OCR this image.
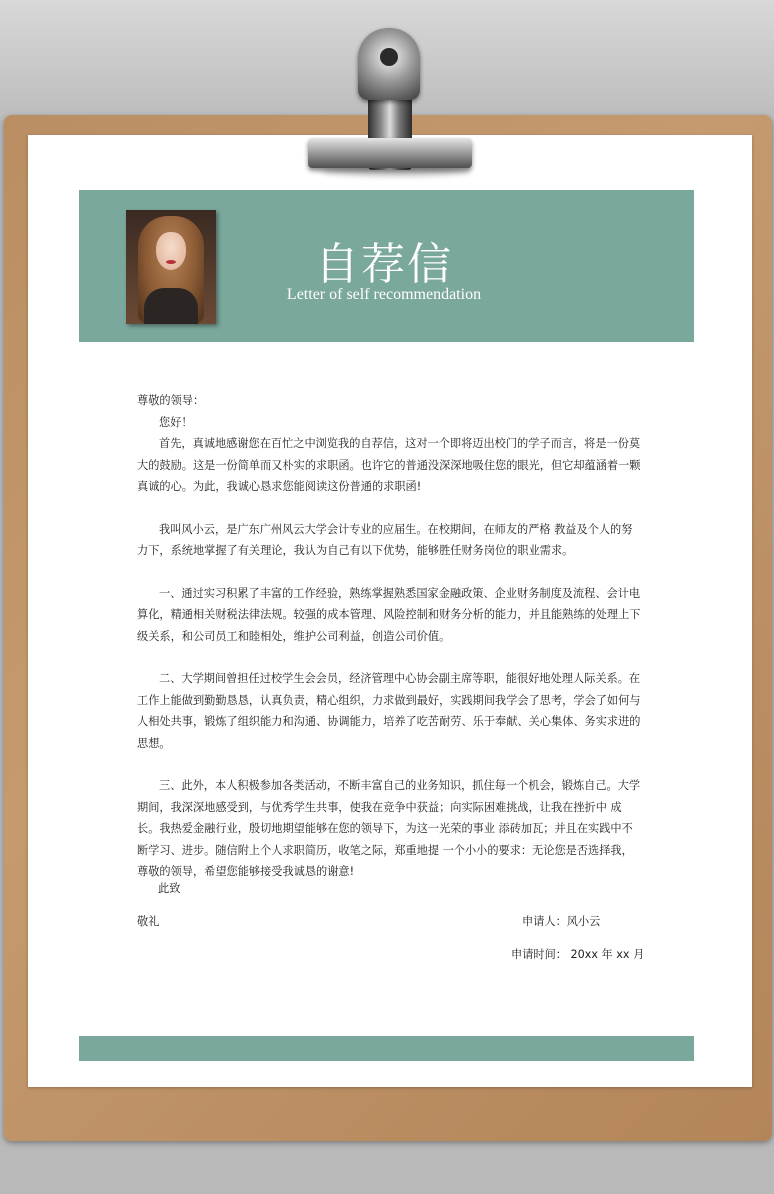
自荐信
Letter of self recommendation

尊敬的领导：

您好！

首先，真诚地感谢您在百忙之中浏览我的自荐信，这对一个即将迈出校门的学子而言，将是一份莫大的鼓励。这是一份简单而又朴实的求职函。也许它的普通没深深地吸住您的眼光，但它却蕴涵着一颗真诚的心。为此，我诚心恳求您能阅读这份普通的求职函!

我叫风小云，是广东广州风云大学会计专业的应届生。在校期间，在师友的严格 教益及个人的努力下，系统地掌握了有关理论，我认为自己有以下优势，能够胜任财务岗位的职业需求。

一、通过实习积累了丰富的工作经验，熟练掌握熟悉国家金融政策、企业财务制度及流程、会计电算化，精通相关财税法律法规。较强的成本管理、风险控制和财务分析的能力，并且能熟练的处理上下级关系，和公司员工和睦相处，维护公司利益，创造公司价值。

二、大学期间曾担任过校学生会会员，经济管理中心协会副主席等职，能很好地处理人际关系。在工作上能做到勤勤恳恳，认真负责，精心组织，力求做到最好，实践期间我学会了思考，学会了如何与人相处共事，锻炼了组织能力和沟通、协调能力，培养了吃苦耐劳、乐于奉献、关心集体、务实求进的思想。

三、此外，本人积极参加各类活动，不断丰富自己的业务知识，抓住每一个机会，锻炼自己。大学期间，我深深地感受到，与优秀学生共事，使我在竞争中获益；向实际困难挑战，让我在挫折中 成长。我热爱金融行业，殷切地期望能够在您的领导下，为这一光荣的事业 添砖加瓦；并且在实践中不断学习、进步。随信附上个人求职简历，收笔之际，郑重地提 一个小小的要求：无论您是否选择我，尊敬的领导，希望您能够接受我诚恳的谢意!

此致
敬礼	申请人：风小云
申请时间： 20xx 年 xx 月
